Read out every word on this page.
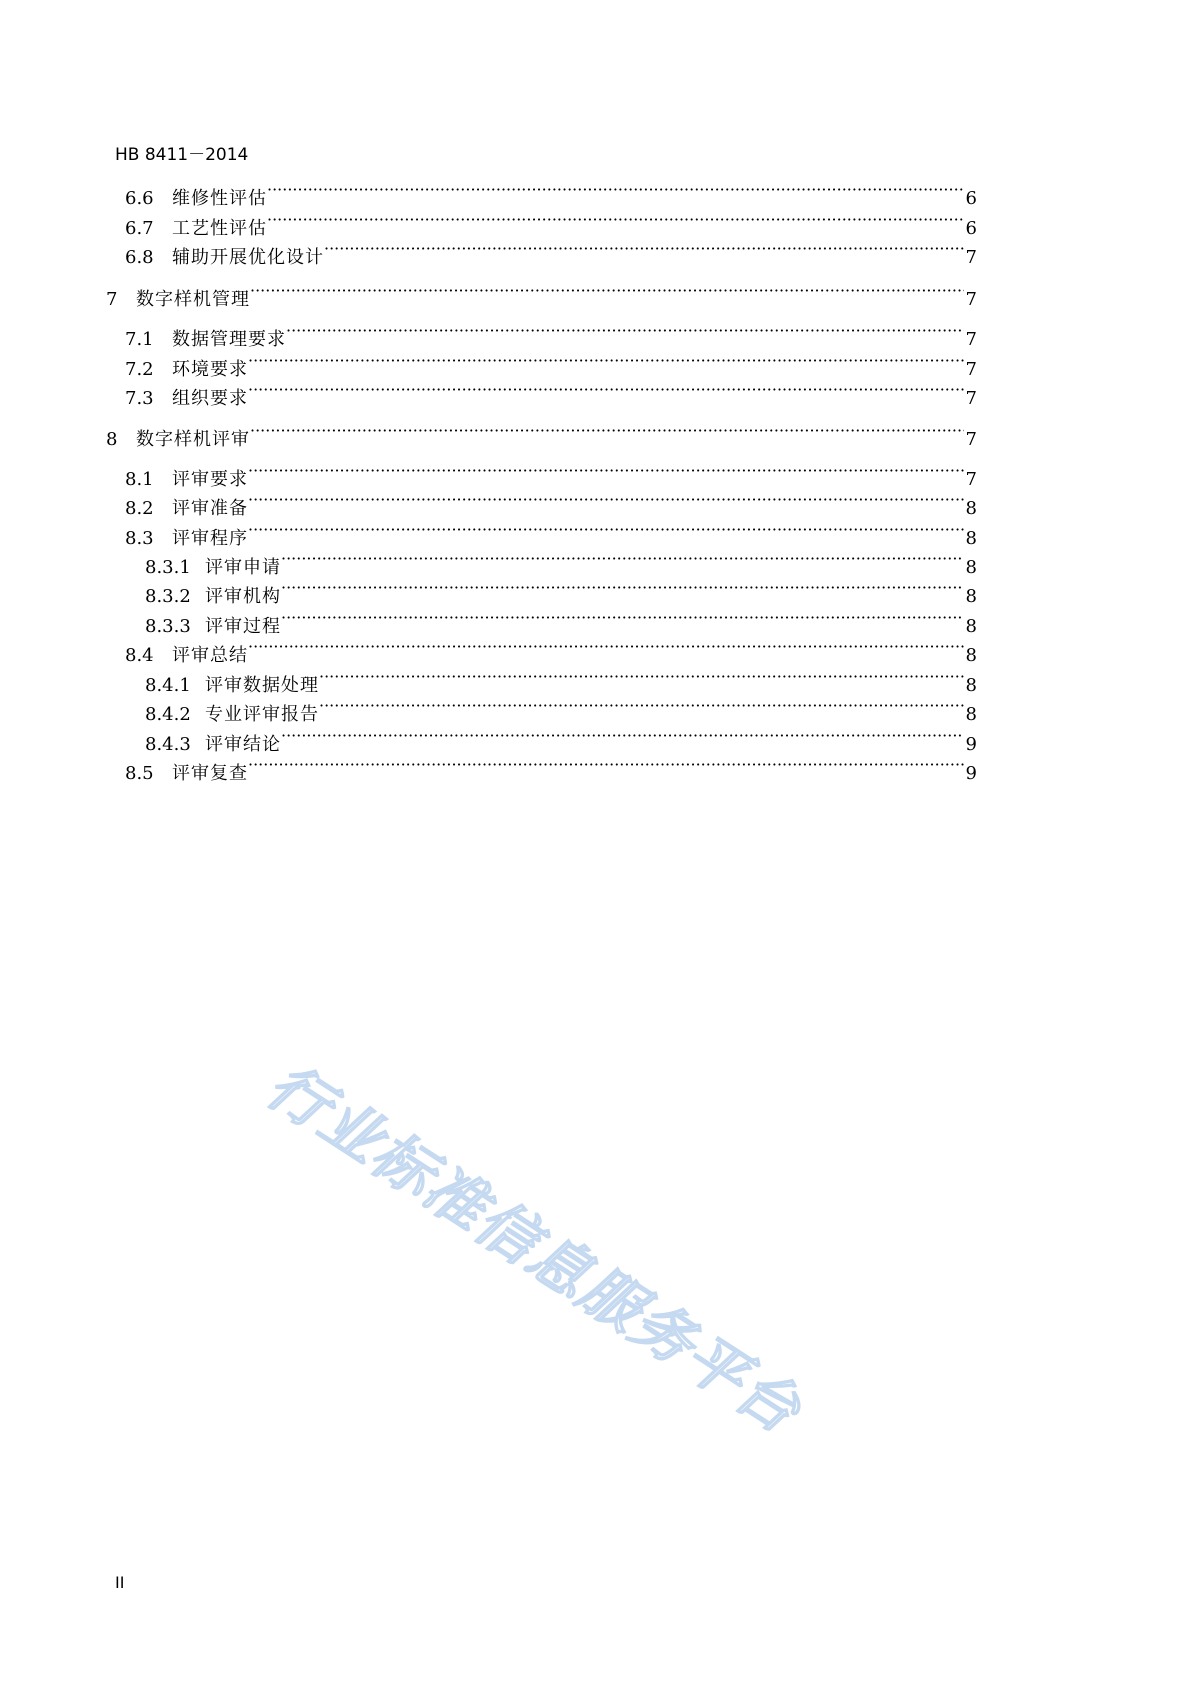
HB 8411－2014
6.6	维修性评估 ·····	6
6.7	工艺性评估 ·····	6
6.8	辅助开展优化设计 ·····	7
7	数字样机管理 ·····	7
7.1	数据管理要求 ·····	7
7.2	环境要求 ·····	7
7.3	组织要求 ·····	7
8	数字样机评审 ·····	7
8.1	评审要求 ·····	7
8.2	评审准备 ·····	8
8.3	评审程序 ·····	8
8.3.1 评审申请 ·····	8
8.3.2 评审机构 ·····	8
8.3.3 评审过程 ·····	8
8.4	评审总结 ·····	8
8.4.1 评审数据处理 ·····	8
8.4.2 专业评审报告 ·····	8
8.4.3 评审结论 ·····	9
8.5	评审复查 ·····	9
II
行业标准信息服务平台
